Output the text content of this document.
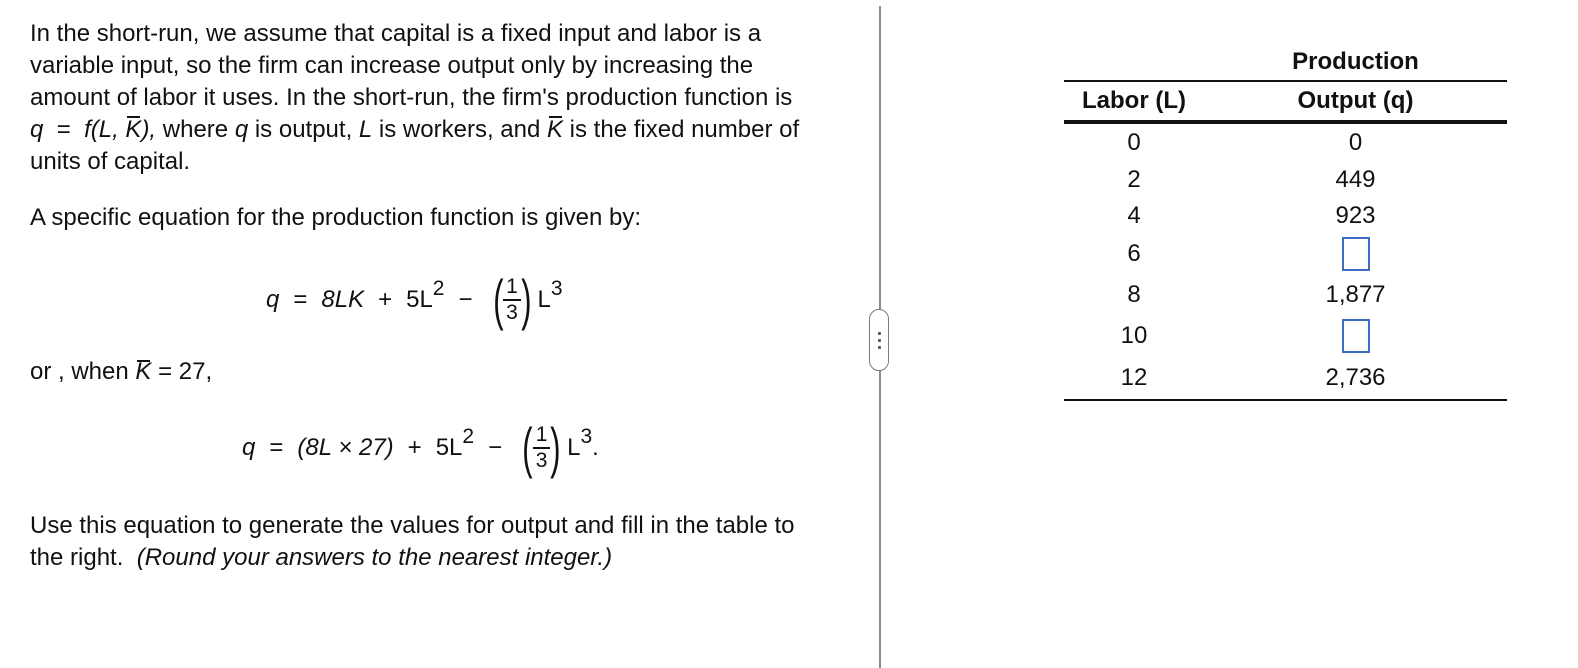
In the short-run, we assume that capital is a fixed input and labor is a variable input, so the firm can increase output only by increasing the amount of labor it uses. In the short-run, the firm's production function is q = f(L, K), where q is output, L is workers, and K is the fixed number of units of capital.

A specific equation for the production function is given by:

q = 8LK + 5L 2 − ( $\frac{1}{3}$ ) L 3
or , when K = 27,
q = (8L × 27) + 5L 2 − ( $\frac{1}{3}$ ) L 3 .
Use this equation to generate the values for output and fill in the table to the right. (Round your answers to the nearest integer.)
Production
Labor (L)	Output (q)
0	0
2	449
4	923
6
8	1,877
10
12	2,736
